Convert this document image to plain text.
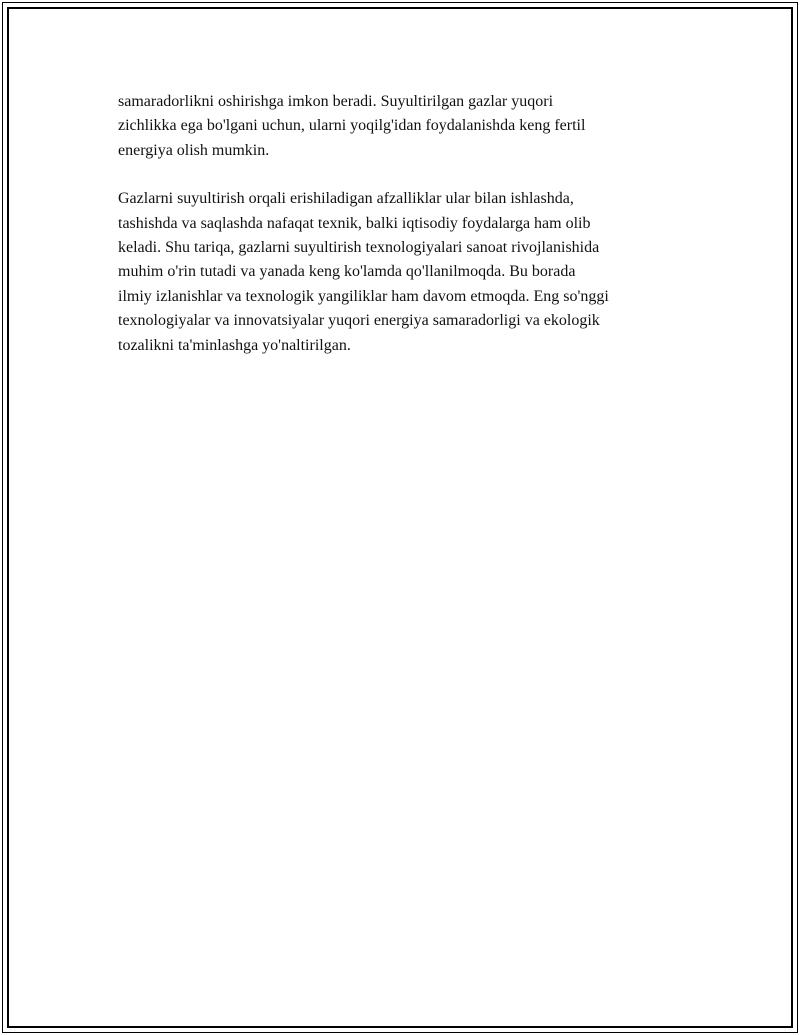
samaradorlikni oshirishga imkon beradi. Suyultirilgan gazlar yuqori
zichlikka ega bo'lgani uchun, ularni yoqilg'idan foydalanishda keng fertil
energiya olish mumkin.

Gazlarni suyultirish orqali erishiladigan afzalliklar ular bilan ishlashda,
tashishda va saqlashda nafaqat texnik, balki iqtisodiy foydalarga ham olib
keladi. Shu tariqa, gazlarni suyultirish texnologiyalari sanoat rivojlanishida
muhim o'rin tutadi va yanada keng ko'lamda qo'llanilmoqda. Bu borada
ilmiy izlanishlar va texnologik yangiliklar ham davom etmoqda. Eng so'nggi
texnologiyalar va innovatsiyalar yuqori energiya samaradorligi va ekologik
tozalikni ta'minlashga yo'naltirilgan.
